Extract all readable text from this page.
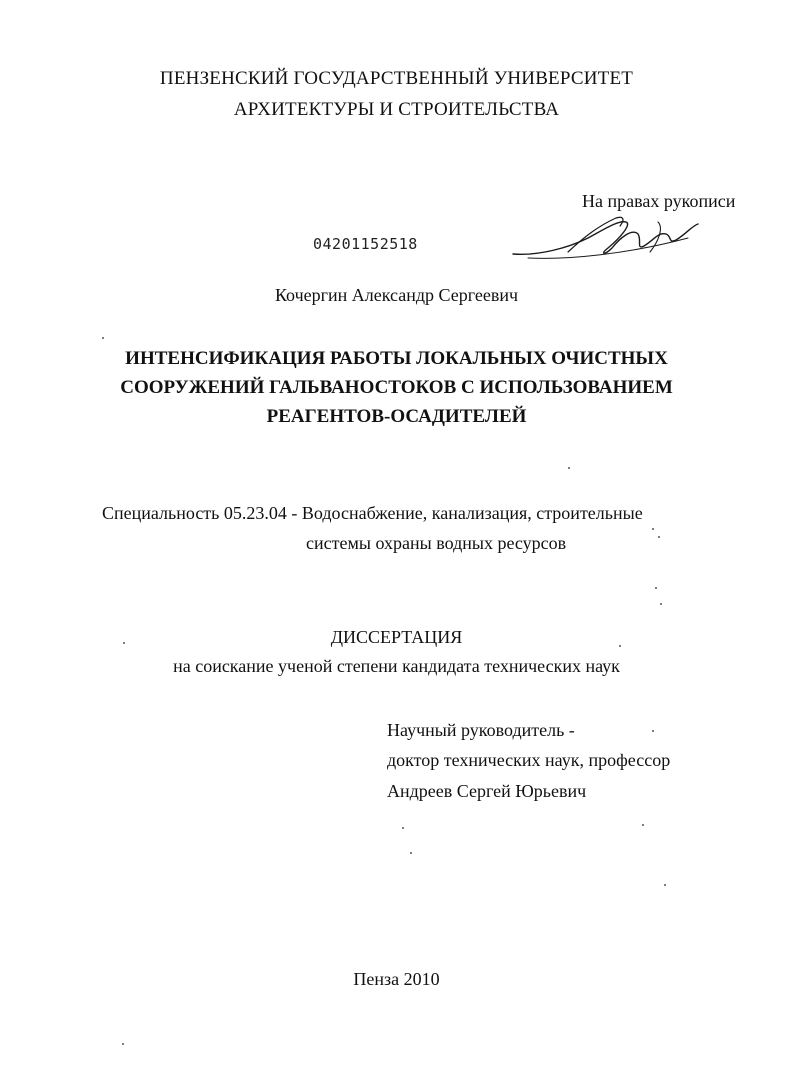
ПЕНЗЕНСКИЙ ГОСУДАРСТВЕННЫЙ УНИВЕРСИТЕТ
АРХИТЕКТУРЫ И СТРОИТЕЛЬСТВА
На правах рукописи
04201152518
Кочергин Александр Сергеевич
ИНТЕНСИФИКАЦИЯ РАБОТЫ ЛОКАЛЬНЫХ ОЧИСТНЫХ
СООРУЖЕНИЙ ГАЛЬВАНОСТОКОВ С ИСПОЛЬЗОВАНИЕМ
РЕАГЕНТОВ-ОСАДИТЕЛЕЙ
Специальность 05.23.04 - Водоснабжение, канализация, строительные
системы охраны водных ресурсов
ДИССЕРТАЦИЯ
на соискание ученой степени кандидата технических наук
Научный руководитель -
доктор технических наук, профессор
Андреев Сергей Юрьевич
Пенза 2010
